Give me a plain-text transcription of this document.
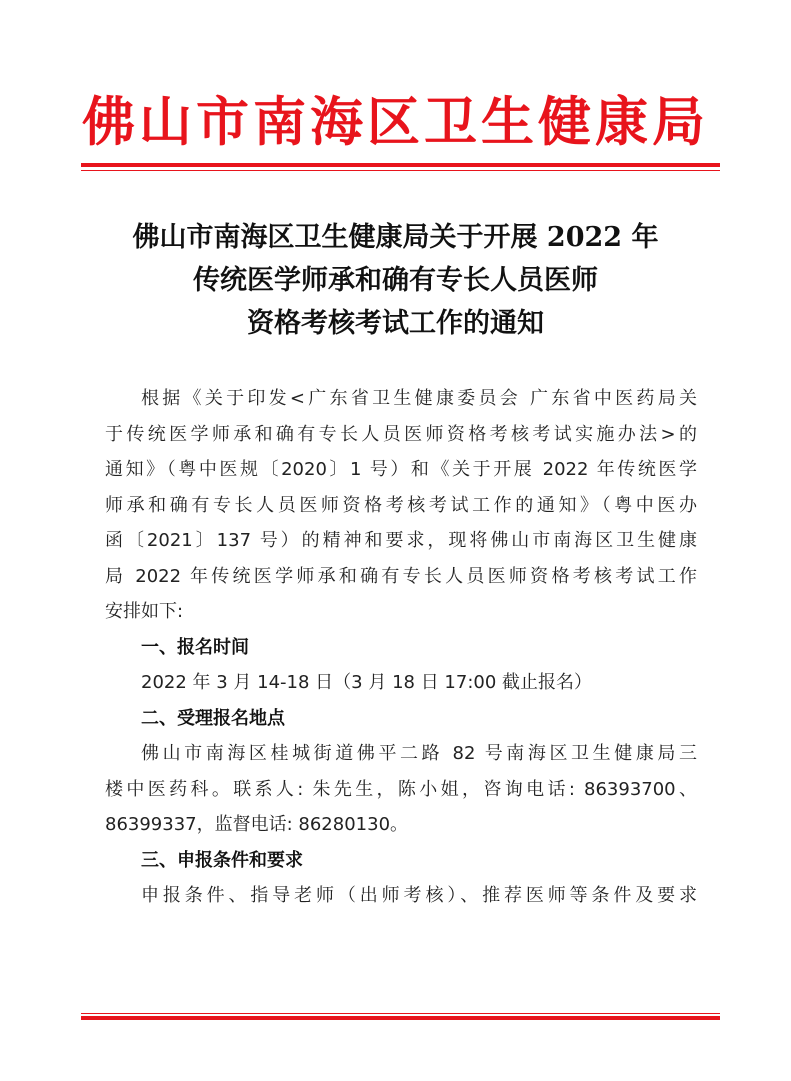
佛山市南海区卫生健康局
佛山市南海区卫生健康局关于开展 2022 年
传统医学师承和确有专长人员医师
资格考核考试工作的通知
根据《关于印发<广东省卫生健康委员会 广东省中医药局关
于传统医学师承和确有专长人员医师资格考核考试实施办法>的
通知》（粤中医规〔2020〕1 号）和《关于开展 2022 年传统医学
师承和确有专长人员医师资格考核考试工作的通知》（粤中医办
函〔2021〕137 号）的精神和要求，现将佛山市南海区卫生健康
局 2022 年传统医学师承和确有专长人员医师资格考核考试工作
安排如下:
一、报名时间
2022 年 3 月 14-18 日（3 月 18 日 17:00 截止报名）
二、受理报名地点
佛山市南海区桂城街道佛平二路 82 号南海区卫生健康局三
楼中医药科。联系人: 朱先生，陈小姐，咨询电话: 86393700、
86399337，监督电话: 86280130。
三、申报条件和要求
申报条件、指导老师（出师考核）、推荐医师等条件及要求
